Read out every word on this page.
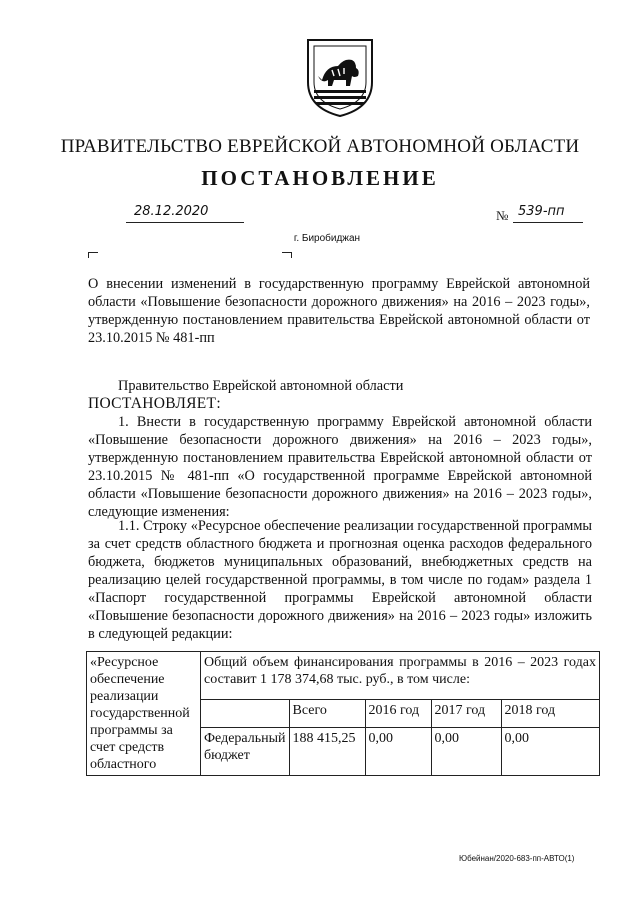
ПРАВИТЕЛЬСТВО ЕВРЕЙСКОЙ АВТОНОМНОЙ ОБЛАСТИ
ПОСТАНОВЛЕНИЕ
28.12.2020	№ 539-пп
г. Биробиджан
О внесении изменений в государственную программу Еврейской автономной области «Повышение безопасности дорожного движения» на 2016 – 2023 годы», утвержденную постановлением правительства Еврейской автономной области от 23.10.2015 № 481-пп
Правительство Еврейской автономной области
ПОСТАНОВЛЯЕТ:
1. Внести в государственную программу Еврейской автономной области «Повышение безопасности дорожного движения» на 2016 – 2023 годы», утвержденную постановлением правительства Еврейской автономной области от 23.10.2015 № 481-пп «О государственной программе Еврейской автономной области «Повышение безопасности дорожного движения» на 2016 – 2023 годы», следующие изменения:
1.1. Строку «Ресурсное обеспечение реализации государственной программы за счет средств областного бюджета и прогнозная оценка расходов федерального бюджета, бюджетов муниципальных образований, внебюджетных средств на реализацию целей государственной программы, в том числе по годам» раздела 1 «Паспорт государственной программы Еврейской автономной области «Повышение безопасности дорожного движения» на 2016 – 2023 годы» изложить в следующей редакции:
«Ресурсное обеспечение реализации государственной программы за счет средств областного	Общий объем финансирования программы в 2016 – 2023 годах составит 1 178 374,68 тыс. руб., в том числе:				
		Всего	2016 год	2017 год	2018 год
	Федеральный бюджет	188 415,25	0,00	0,00	0,00
Юбейнан/2020-683-пп-АВТО(1)
